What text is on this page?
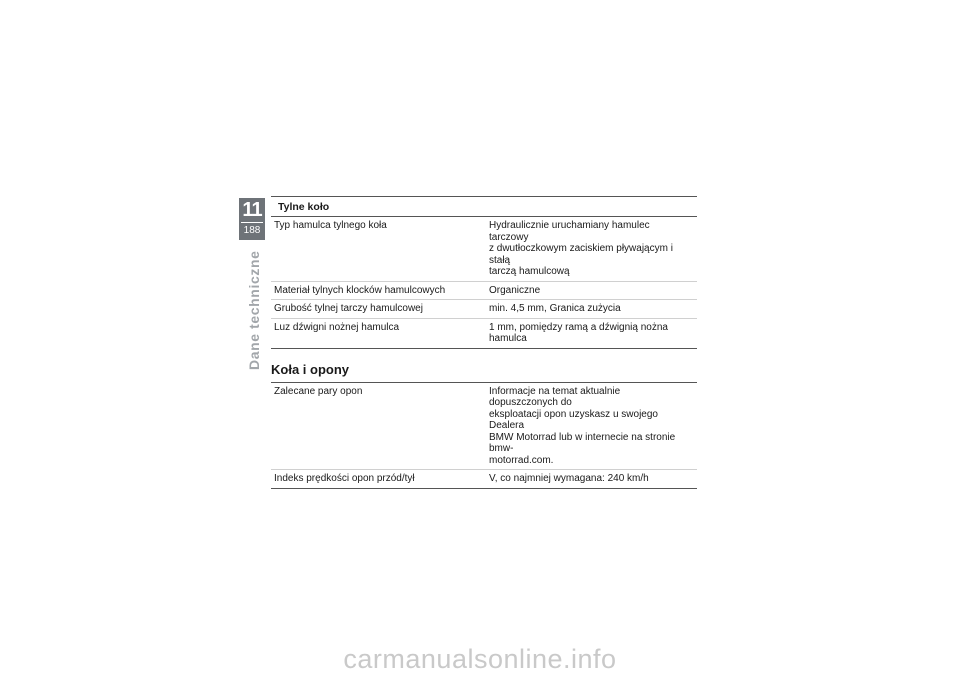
11
188
Dane techniczne
Tylne koło
Typ hamulca tylnego koła	Hydraulicznie uruchamiany hamulec tarczowy
z dwutłoczkowym zaciskiem pływającym i stałą
tarczą hamulcową
Materiał tylnych klocków hamulcowych	Organiczne
Grubość tylnej tarczy hamulcowej	min. 4,5 mm, Granica zużycia
Luz dźwigni nożnej hamulca	1 mm, pomiędzy ramą a dźwignią nożna hamulca
Koła i opony
Zalecane pary opon	Informacje na temat aktualnie dopuszczonych do
eksploatacji opon uzyskasz u swojego Dealera
BMW Motorrad lub w internecie na stronie bmw-
motorrad.com.
Indeks prędkości opon przód/tył	V, co najmniej wymagana: 240 km/h
carmanualsonline.info
